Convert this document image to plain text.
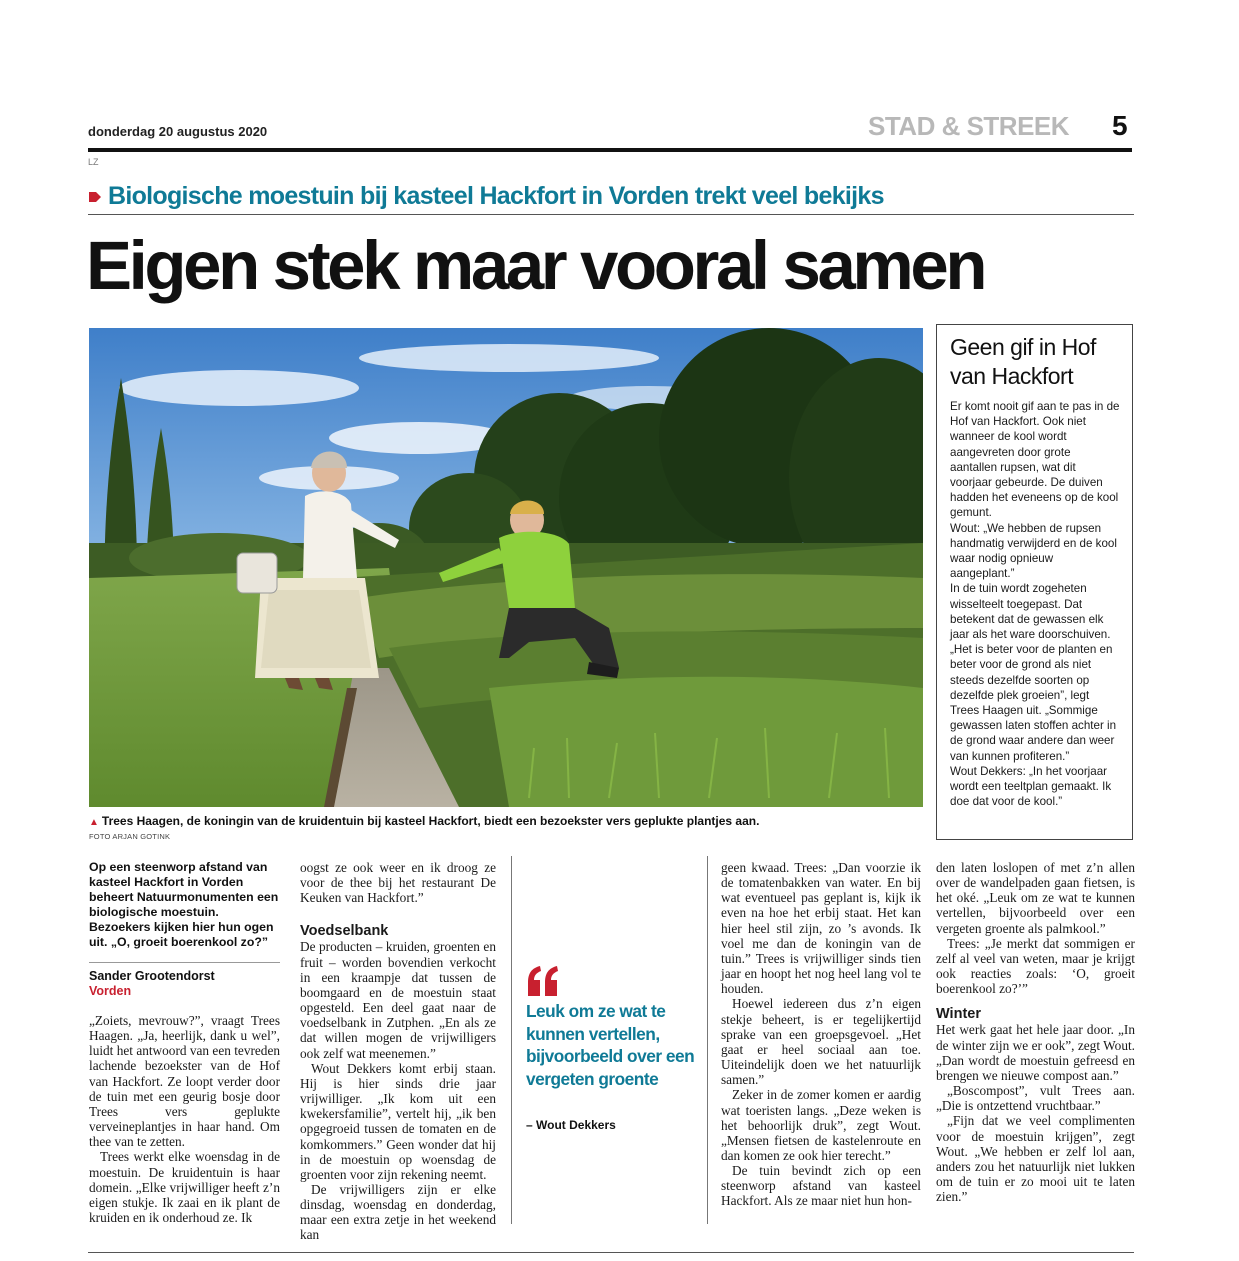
donderdag 20 augustus 2020	STAD & STREEK 5
LZ
Biologische moestuin bij kasteel Hackfort in Vorden trekt veel bekijks
Eigen stek maar vooral samen
▲ Trees Haagen, de koningin van de kruidentuin bij kasteel Hackfort, biedt een bezoekster vers geplukte plantjes aan.
FOTO ARJAN GOTINK
Geen gif in Hof van Hackfort

Er komt nooit gif aan te pas in de Hof van Hackfort. Ook niet wanneer de kool wordt aangevreten door grote aantallen rupsen, wat dit voorjaar gebeurde. De duiven hadden het eveneens op de kool gemunt.

Wout: „We hebben de rupsen handmatig verwijderd en de kool waar nodig opnieuw aangeplant.”

In de tuin wordt zogeheten wisselteelt toegepast. Dat betekent dat de gewassen elk jaar als het ware doorschuiven. „Het is beter voor de planten en beter voor de grond als niet steeds dezelfde soorten op dezelfde plek groeien”, legt Trees Haagen uit. „Sommige gewassen laten stoffen achter in de grond waar andere dan weer van kunnen profiteren.”

Wout Dekkers: „In het voorjaar wordt een teeltplan gemaakt. Ik doe dat voor de kool.”

Op een steenworp afstand van kasteel Hackfort in Vorden beheert Natuurmonumenten een biologische moestuin. Bezoekers kijken hier hun ogen uit. „O, groeit boerenkool zo?”

Sander Grootendorst

Vorden

„Zoiets, mevrouw?”, vraagt Trees Haagen. „Ja, heerlijk, dank u wel”, luidt het antwoord van een tevreden lachende bezoekster van de Hof van Hackfort. Ze loopt verder door de tuin met een geurig bosje door Trees vers geplukte verveineplantjes in haar hand. Om thee van te zetten.

Trees werkt elke woensdag in de moestuin. De kruidentuin is haar domein. „Elke vrijwilliger heeft z’n eigen stukje. Ik zaai en ik plant de kruiden en ik onderhoud ze. Ik

oogst ze ook weer en ik droog ze voor de thee bij het restaurant De Keuken van Hackfort.”

Voedselbank

De producten – kruiden, groenten en fruit – worden bovendien verkocht in een kraampje dat tussen de boomgaard en de moestuin staat opgesteld. Een deel gaat naar de voedselbank in Zutphen. „En als ze dat willen mogen de vrijwilligers ook zelf wat meenemen.”

Wout Dekkers komt erbij staan. Hij is hier sinds drie jaar vrijwilliger. „Ik kom uit een kwekersfamilie”, vertelt hij, „ik ben opgegroeid tussen de tomaten en de komkommers.” Geen wonder dat hij in de moestuin op woensdag de groenten voor zijn rekening neemt.

De vrijwilligers zijn er elke dinsdag, woensdag en donderdag, maar een extra zetje in het weekend kan

Leuk om ze wat te kunnen vertellen, bijvoorbeeld over een vergeten groente
– Wout Dekkers

geen kwaad. Trees: „Dan voorzie ik de tomatenbakken van water. En bij wat eventueel pas geplant is, kijk ik even na hoe het erbij staat. Het kan hier heel stil zijn, zo ’s avonds. Ik voel me dan de koningin van de tuin.” Trees is vrijwilliger sinds tien jaar en hoopt het nog heel lang vol te houden.

Hoewel iedereen dus z’n eigen stekje beheert, is er tegelijkertijd sprake van een groepsgevoel. „Het gaat er heel sociaal aan toe. Uiteindelijk doen we het natuurlijk samen.”

Zeker in de zomer komen er aardig wat toeristen langs. „Deze weken is het behoorlijk druk”, zegt Wout. „Mensen fietsen de kastelenroute en dan komen ze ook hier terecht.”

De tuin bevindt zich op een steenworp afstand van kasteel Hackfort. Als ze maar niet hun hon-

den laten loslopen of met z’n allen over de wandelpaden gaan fietsen, is het oké. „Leuk om ze wat te kunnen vertellen, bijvoorbeeld over een vergeten groente als palmkool.”

Trees: „Je merkt dat sommigen er zelf al veel van weten, maar je krijgt ook reacties zoals: ‘O, groeit boerenkool zo?’”

Winter

Het werk gaat het hele jaar door. „In de winter zijn we er ook”, zegt Wout. „Dan wordt de moestuin gefreesd en brengen we nieuwe compost aan.”

„Boscompost”, vult Trees aan. „Die is ontzettend vruchtbaar.”

„Fijn dat we veel complimenten voor de moestuin krijgen”, zegt Wout. „We hebben er zelf lol aan, anders zou het natuurlijk niet lukken om de tuin er zo mooi uit te laten zien.”
